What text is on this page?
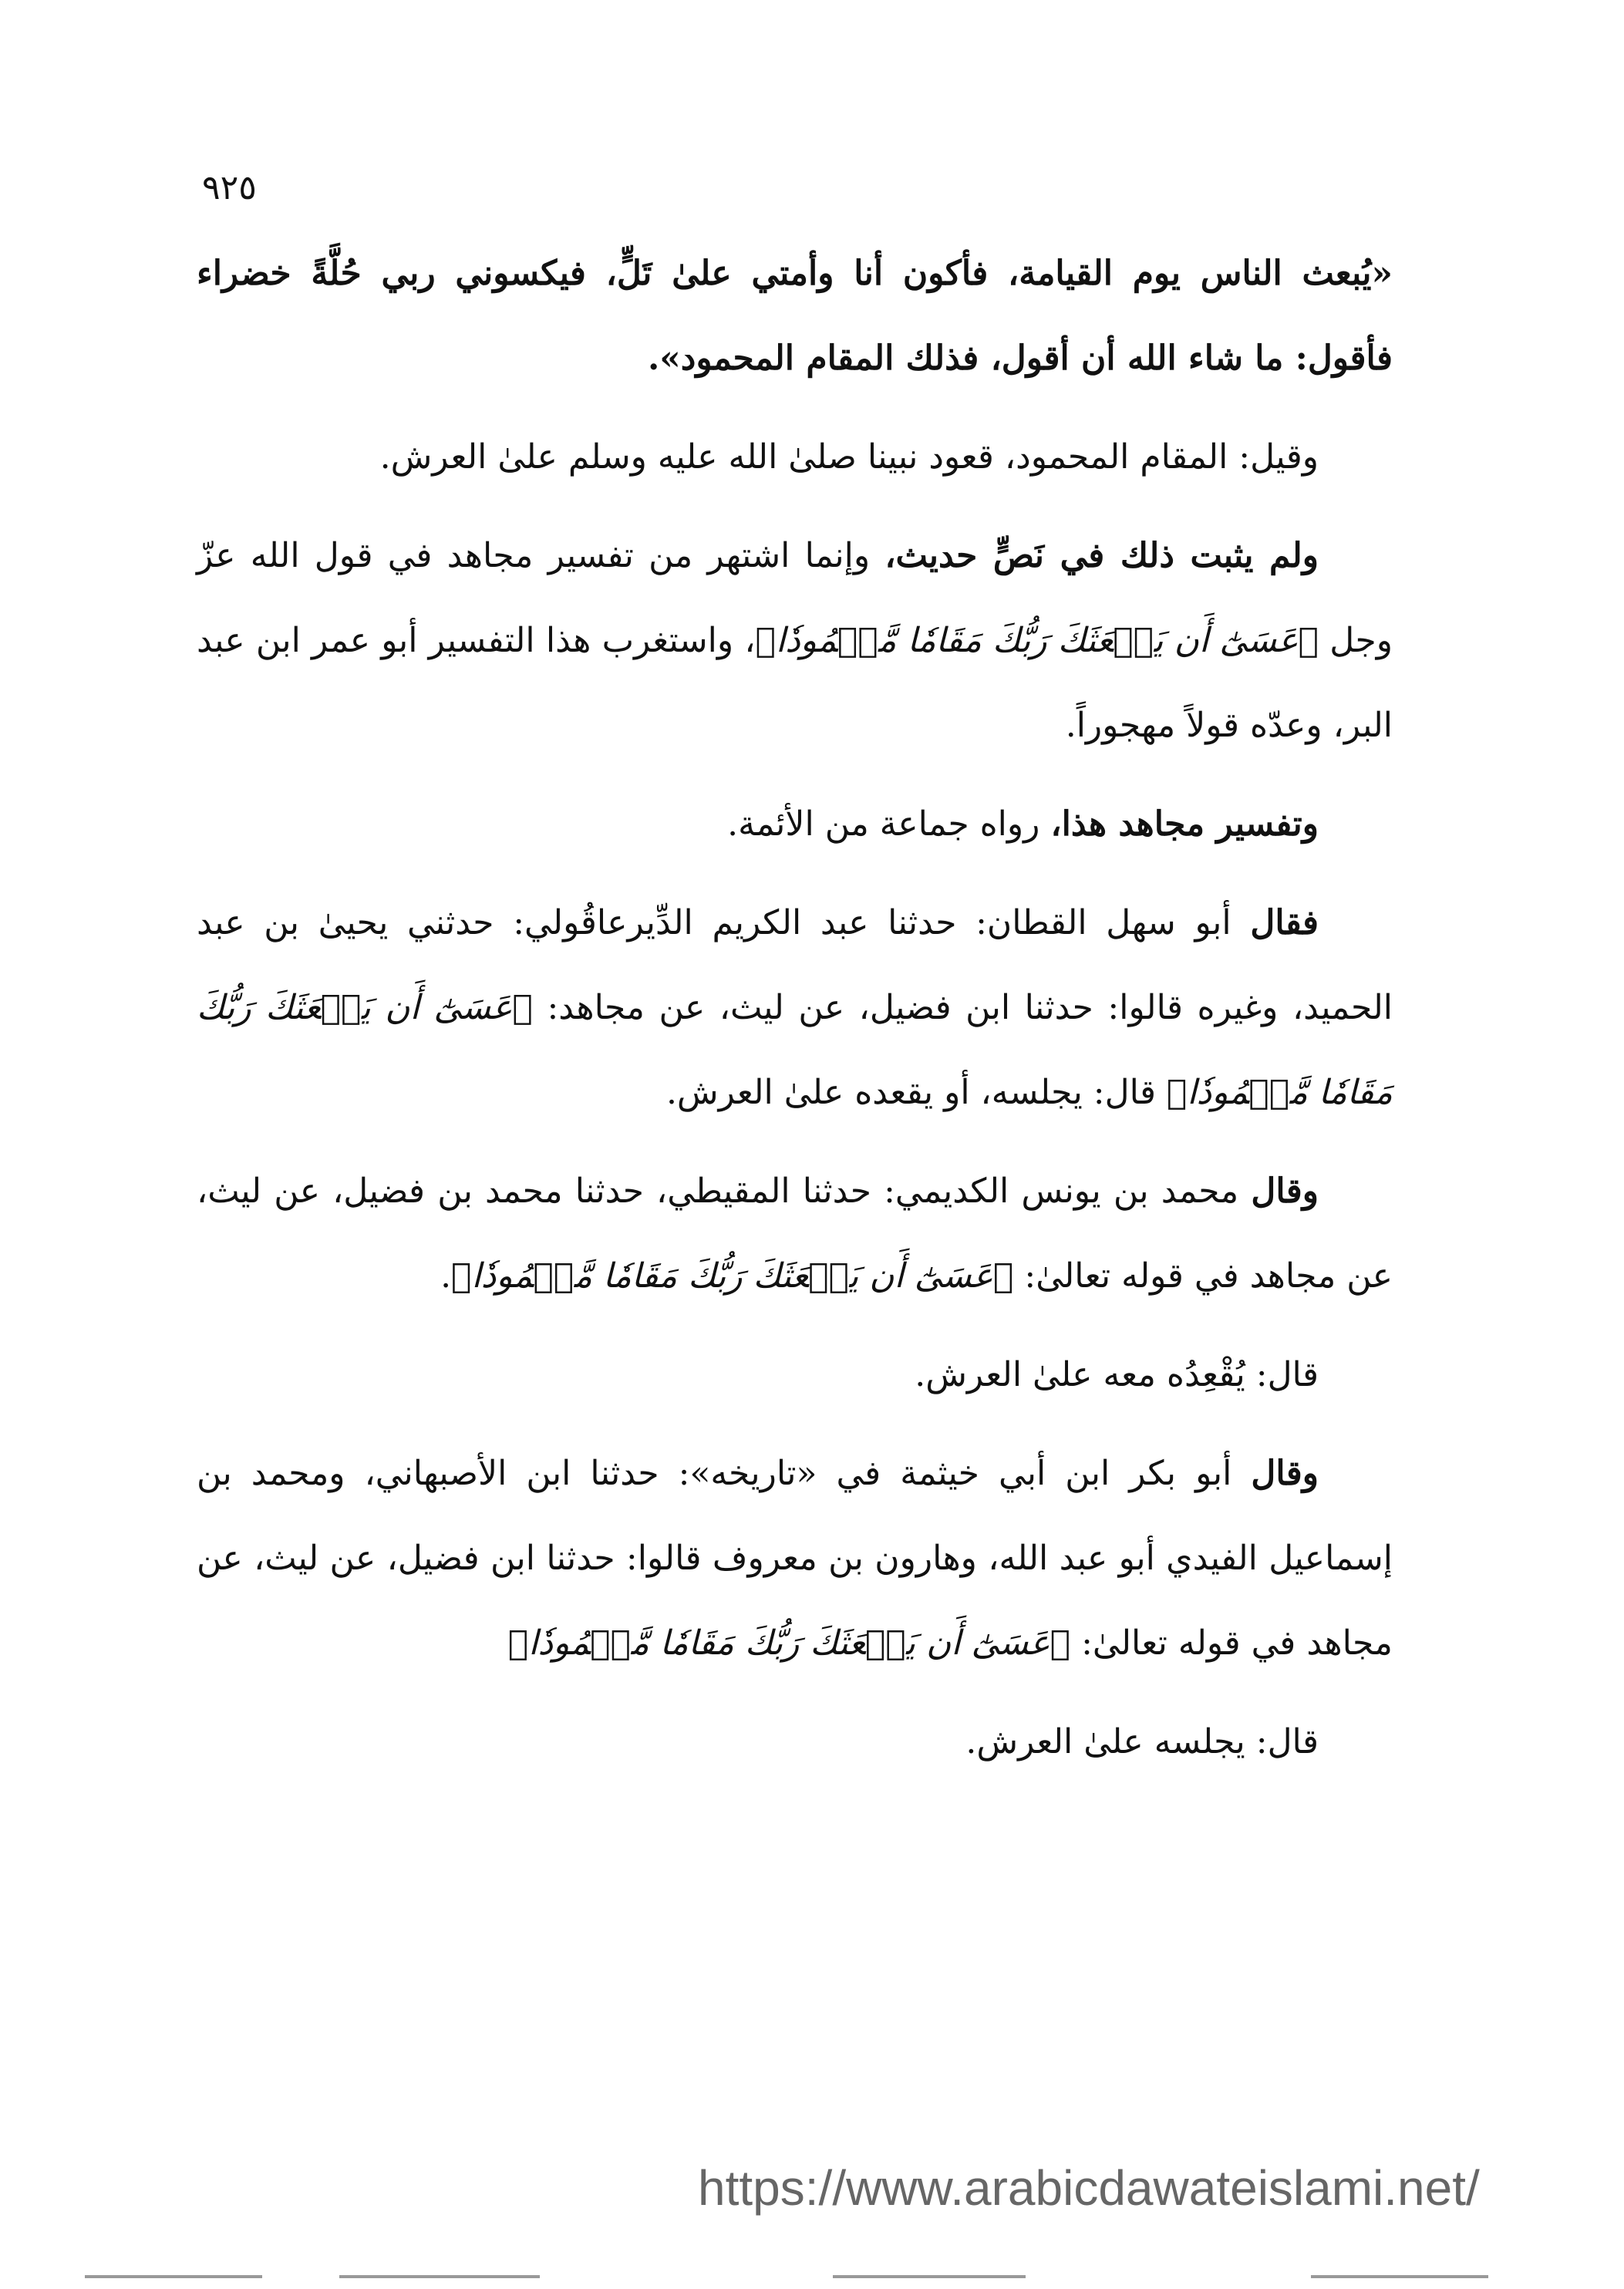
٩٢٥

«يُبعث الناس يوم القيامة، فأكون أنا وأمتي علىٰ تَلٍّ، فيكسوني ربي حُلَّةً خضراء فأقول: ما شاء الله أن أقول، فذلك المقام المحمود».

وقيل: المقام المحمود، قعود نبينا صلىٰ الله عليه وسلم علىٰ العرش.

ولم يثبت ذلك في نَصٍّ حديث، وإنما اشتهر من تفسير مجاهد في قول الله عزّ وجل ﴿عَسَىٰٓ أَن يَبۡعَثَكَ رَبُّكَ مَقَامٗا مَّحۡمُودٗا﴾، واستغرب هذا التفسير أبو عمر ابن عبد البر، وعدّه قولاً مهجوراً.

وتفسير مجاهد هذا، رواه جماعة من الأئمة.

فقال أبو سهل القطان: حدثنا عبد الكريم الدِّيرعاقُولي: حدثني يحيىٰ بن عبد الحميد، وغيره قالوا: حدثنا ابن فضيل، عن ليث، عن مجاهد: ﴿عَسَىٰٓ أَن يَبۡعَثَكَ رَبُّكَ مَقَامٗا مَّحۡمُودٗا﴾ قال: يجلسه، أو يقعده علىٰ العرش.

وقال محمد بن يونس الكديمي: حدثنا المقيطي، حدثنا محمد بن فضيل، عن ليث، عن مجاهد في قوله تعالىٰ: ﴿عَسَىٰٓ أَن يَبۡعَثَكَ رَبُّكَ مَقَامٗا مَّحۡمُودٗا﴾.

قال: يُقْعِدُه معه علىٰ العرش.

وقال أبو بكر ابن أبي خيثمة في «تاريخه»: حدثنا ابن الأصبهاني، ومحمد بن إسماعيل الفيدي أبو عبد الله، وهارون بن معروف قالوا: حدثنا ابن فضيل، عن ليث، عن مجاهد في قوله تعالىٰ: ﴿عَسَىٰٓ أَن يَبۡعَثَكَ رَبُّكَ مَقَامٗا مَّحۡمُودٗا﴾

قال: يجلسه علىٰ العرش.

https://www.arabicdawateislami.net/
